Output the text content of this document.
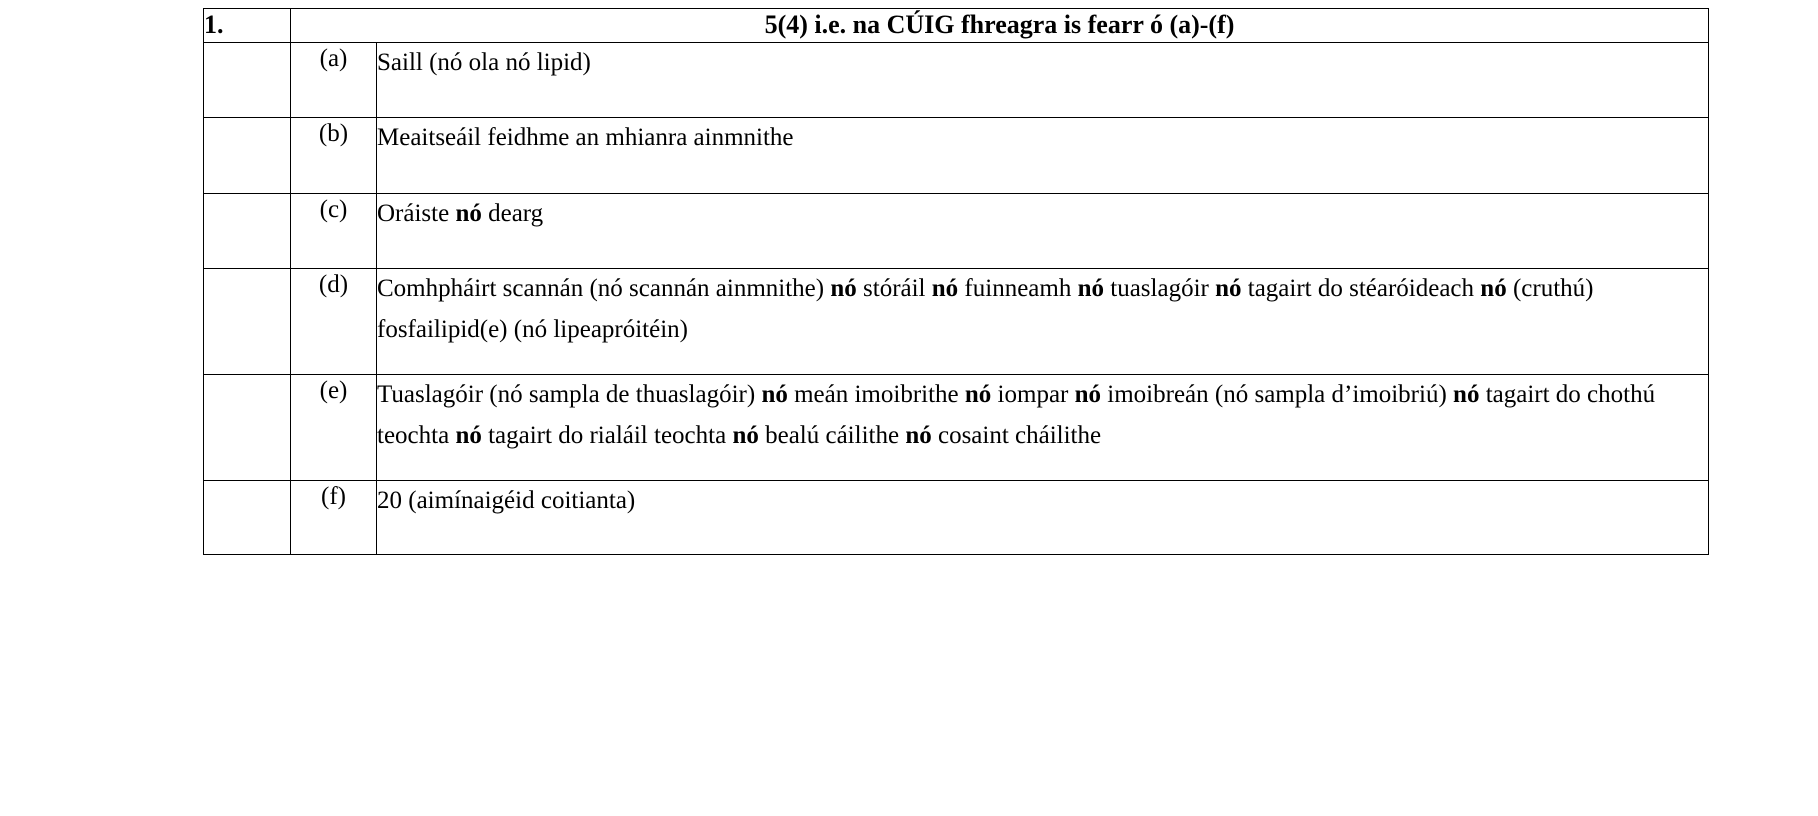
1.	5(4) i.e. na CÚIG fhreagra is fearr ó (a)-(f)	
	(a)	Saill (nó ola nó lipid)
	(b)	Meaitseáil feidhme an mhianra ainmnithe
	(c)	Oráiste nó dearg
	(d)	Comhpháirt scannán (nó scannán ainmnithe) nó stóráil nó fuinneamh nó tuaslagóir nó tagairt do stéaróideach nó (cruthú) fosfailipid(e) (nó lipeapróitéin)
	(e)	Tuaslagóir (nó sampla de thuaslagóir) nó meán imoibrithe nó iompar nó imoibreán (nó sampla d’imoibriú) nó tagairt do chothú teochta nó tagairt do rialáil teochta nó bealú cáilithe nó cosaint cháilithe
	(f)	20 (aimínaigéid coitianta)
